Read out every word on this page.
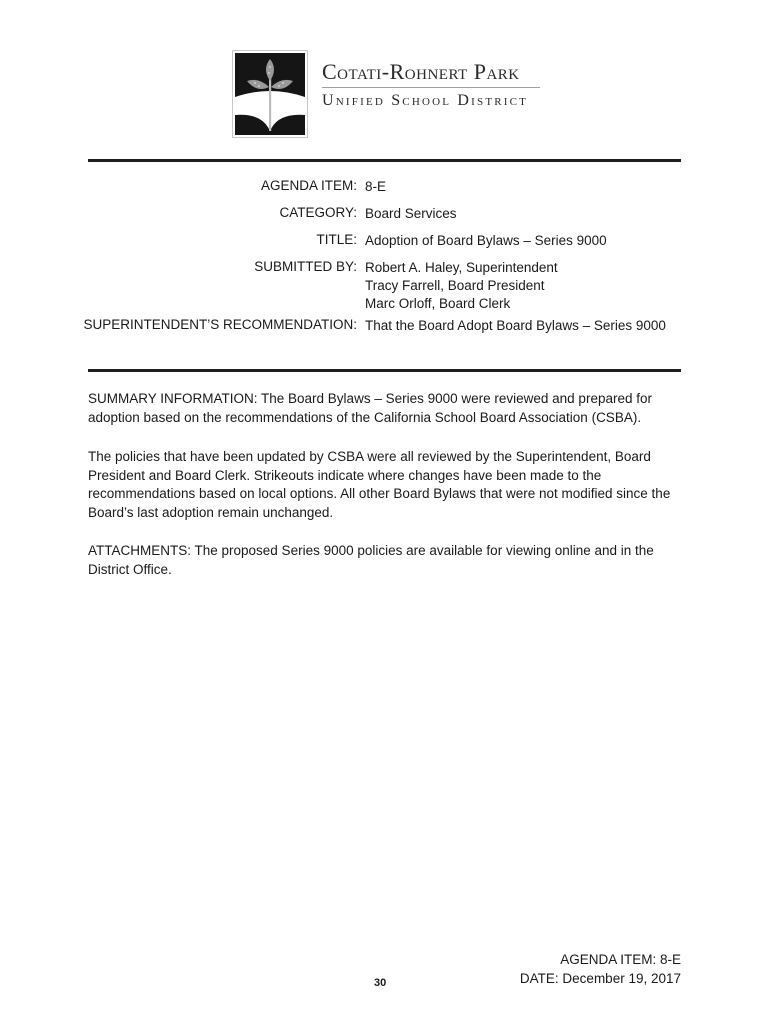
Cotati-Rohnert Park
Unified School District
AGENDA ITEM: 8-E
CATEGORY: Board Services
TITLE: Adoption of Board Bylaws – Series 9000
SUBMITTED BY: Robert A. Haley, Superintendent
Tracy Farrell, Board President
Marc Orloff, Board Clerk
SUPERINTENDENT’S RECOMMENDATION: That the Board Adopt Board Bylaws – Series 9000

SUMMARY INFORMATION: The Board Bylaws – Series 9000 were reviewed and prepared for adoption based on the recommendations of the California School Board Association (CSBA).

The policies that have been updated by CSBA were all reviewed by the Superintendent, Board President and Board Clerk. Strikeouts indicate where changes have been made to the recommendations based on local options. All other Board Bylaws that were not modified since the Board’s last adoption remain unchanged.

ATTACHMENTS: The proposed Series 9000 policies are available for viewing online and in the District Office.

30
AGENDA ITEM: 8-E
DATE: December 19, 2017
